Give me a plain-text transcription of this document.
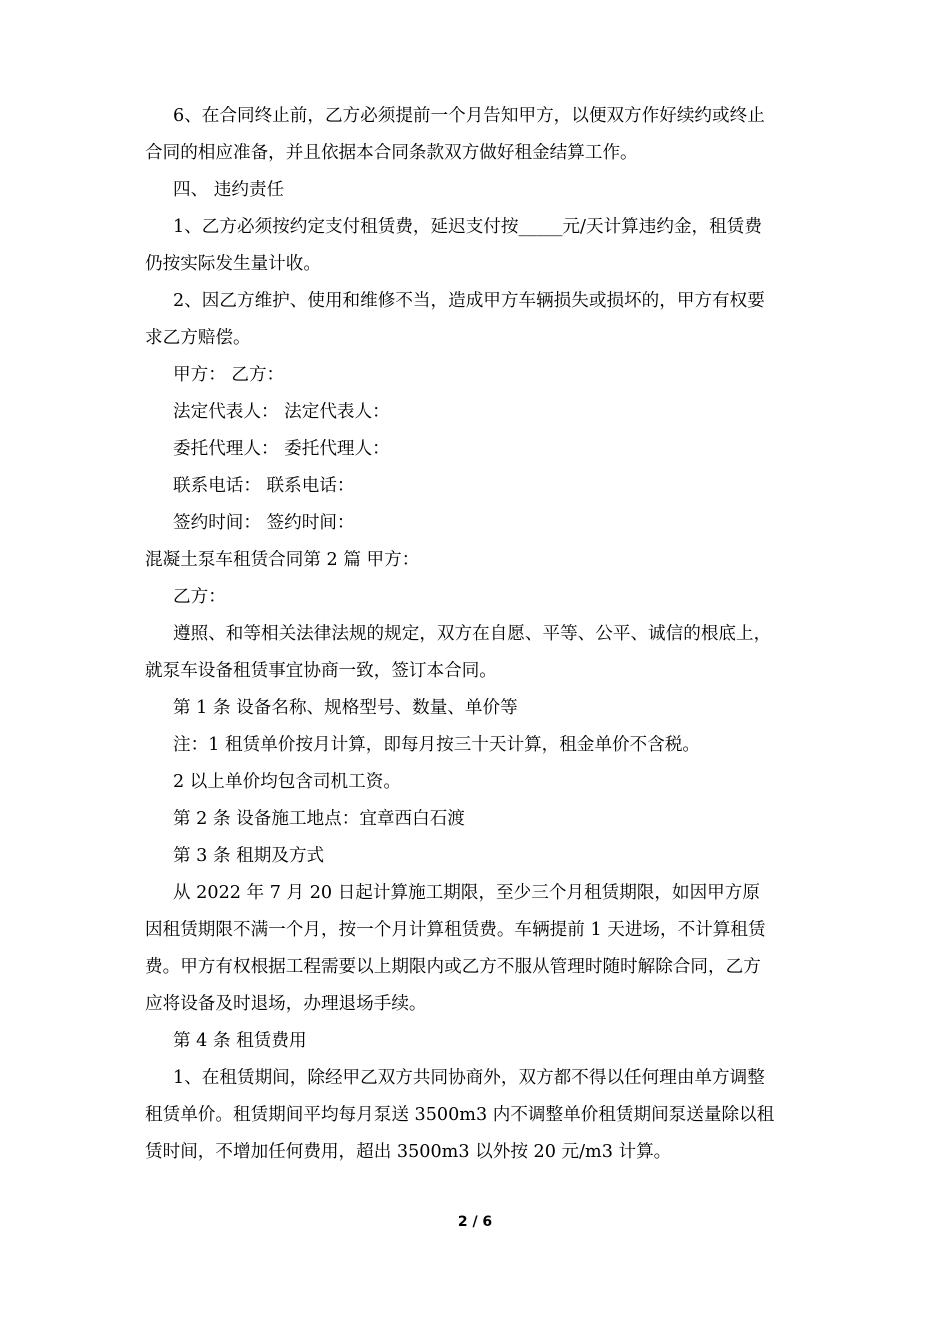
6、在合同终止前，乙方必须提前一个月告知甲方，以便双方作好续约或终止

合同的相应准备，并且依据本合同条款双方做好租金结算工作。

四、 违约责任

1、乙方必须按约定支付租赁费，延迟支付按_____元/天计算违约金，租赁费

仍按实际发生量计收。

2、因乙方维护、使用和维修不当，造成甲方车辆损失或损坏的，甲方有权要

求乙方赔偿。

甲方： 乙方：

法定代表人： 法定代表人：

委托代理人： 委托代理人：

联系电话： 联系电话：

签约时间： 签约时间：

混凝土泵车租赁合同第 2 篇 甲方：

乙方：

遵照、和等相关法律法规的规定，双方在自愿、平等、公平、诚信的根底上，

就泵车设备租赁事宜协商一致，签订本合同。

第 1 条 设备名称、规格型号、数量、单价等

注：1 租赁单价按月计算，即每月按三十天计算，租金单价不含税。

2 以上单价均包含司机工资。

第 2 条 设备施工地点：宜章西白石渡

第 3 条 租期及方式

从 2022 年 7 月 20 日起计算施工期限，至少三个月租赁期限，如因甲方原

因租赁期限不满一个月，按一个月计算租赁费。车辆提前 1 天进场，不计算租赁

费。甲方有权根据工程需要以上期限内或乙方不服从管理时随时解除合同，乙方

应将设备及时退场，办理退场手续。

第 4 条 租赁费用

1、在租赁期间，除经甲乙双方共同协商外，双方都不得以任何理由单方调整

租赁单价。租赁期间平均每月泵送 3500m3 内不调整单价租赁期间泵送量除以租

赁时间，不增加任何费用，超出 3500m3 以外按 20 元/m3 计算。

2 / 6
